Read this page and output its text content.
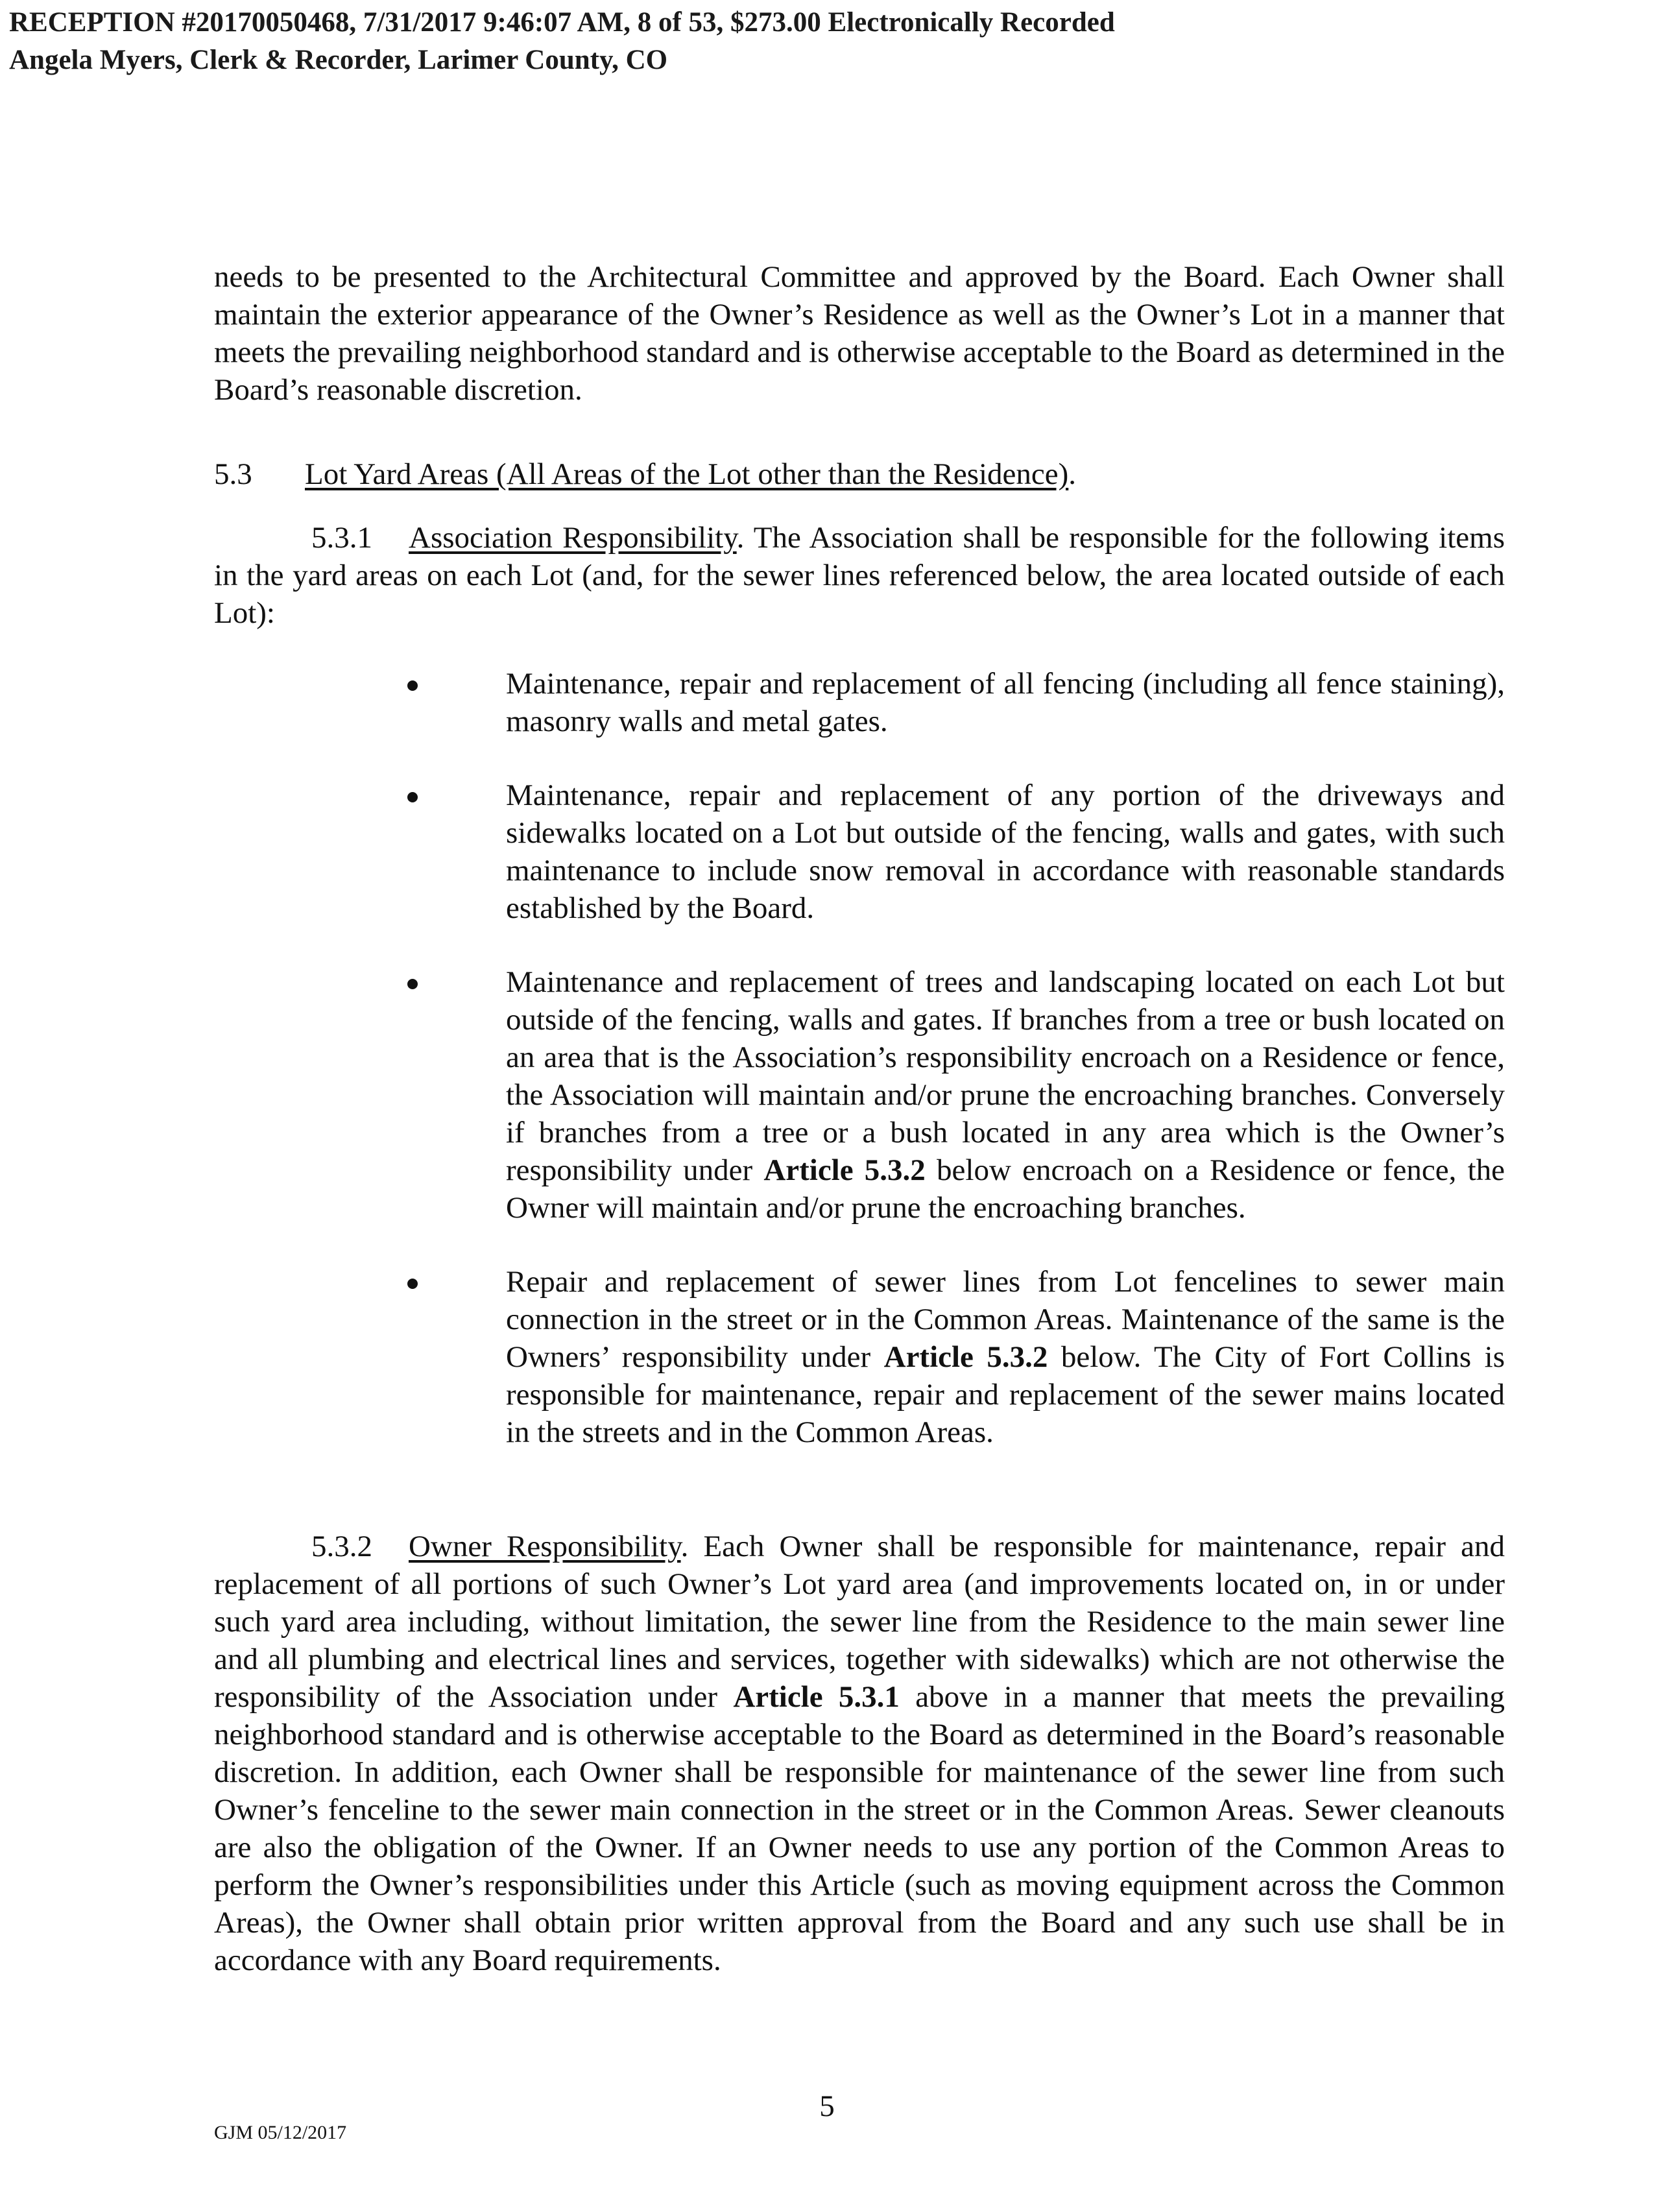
RECEPTION #20170050468, 7/31/2017 9:46:07 AM, 8 of 53, $273.00 Electronically Recorded
Angela Myers, Clerk & Recorder, Larimer County, CO

needs to be presented to the Architectural Committee and approved by the Board. Each Owner shall maintain the exterior appearance of the Owner’s Residence as well as the Owner’s Lot in a manner that meets the prevailing neighborhood standard and is otherwise acceptable to the Board as determined in the Board’s reasonable discretion.

5.3 Lot Yard Areas (All Areas of the Lot other than the Residence).

5.3.1 Association Responsibility. The Association shall be responsible for the following items in the yard areas on each Lot (and, for the sewer lines referenced below, the area located outside of each Lot):

Maintenance, repair and replacement of all fencing (including all fence staining), masonry walls and metal gates.
Maintenance, repair and replacement of any portion of the driveways and sidewalks located on a Lot but outside of the fencing, walls and gates, with such maintenance to include snow removal in accordance with reasonable standards established by the Board.
Maintenance and replacement of trees and landscaping located on each Lot but outside of the fencing, walls and gates. If branches from a tree or bush located on an area that is the Association’s responsibility encroach on a Residence or fence, the Association will maintain and/or prune the encroaching branches. Conversely if branches from a tree or a bush located in any area which is the Owner’s responsibility under Article 5.3.2 below encroach on a Residence or fence, the Owner will maintain and/or prune the encroaching branches.
Repair and replacement of sewer lines from Lot fencelines to sewer main connection in the street or in the Common Areas. Maintenance of the same is the Owners’ responsibility under Article 5.3.2 below. The City of Fort Collins is responsible for maintenance, repair and replacement of the sewer mains located in the streets and in the Common Areas.

5.3.2 Owner Responsibility. Each Owner shall be responsible for maintenance, repair and replacement of all portions of such Owner’s Lot yard area (and improvements located on, in or under such yard area including, without limitation, the sewer line from the Residence to the main sewer line and all plumbing and electrical lines and services, together with sidewalks) which are not otherwise the responsibility of the Association under Article 5.3.1 above in a manner that meets the prevailing neighborhood standard and is otherwise acceptable to the Board as determined in the Board’s reasonable discretion. In addition, each Owner shall be responsible for maintenance of the sewer line from such Owner’s fenceline to the sewer main connection in the street or in the Common Areas. Sewer cleanouts are also the obligation of the Owner. If an Owner needs to use any portion of the Common Areas to perform the Owner’s responsibilities under this Article (such as moving equipment across the Common Areas), the Owner shall obtain prior written approval from the Board and any such use shall be in accordance with any Board requirements.

5
GJM 05/12/2017
